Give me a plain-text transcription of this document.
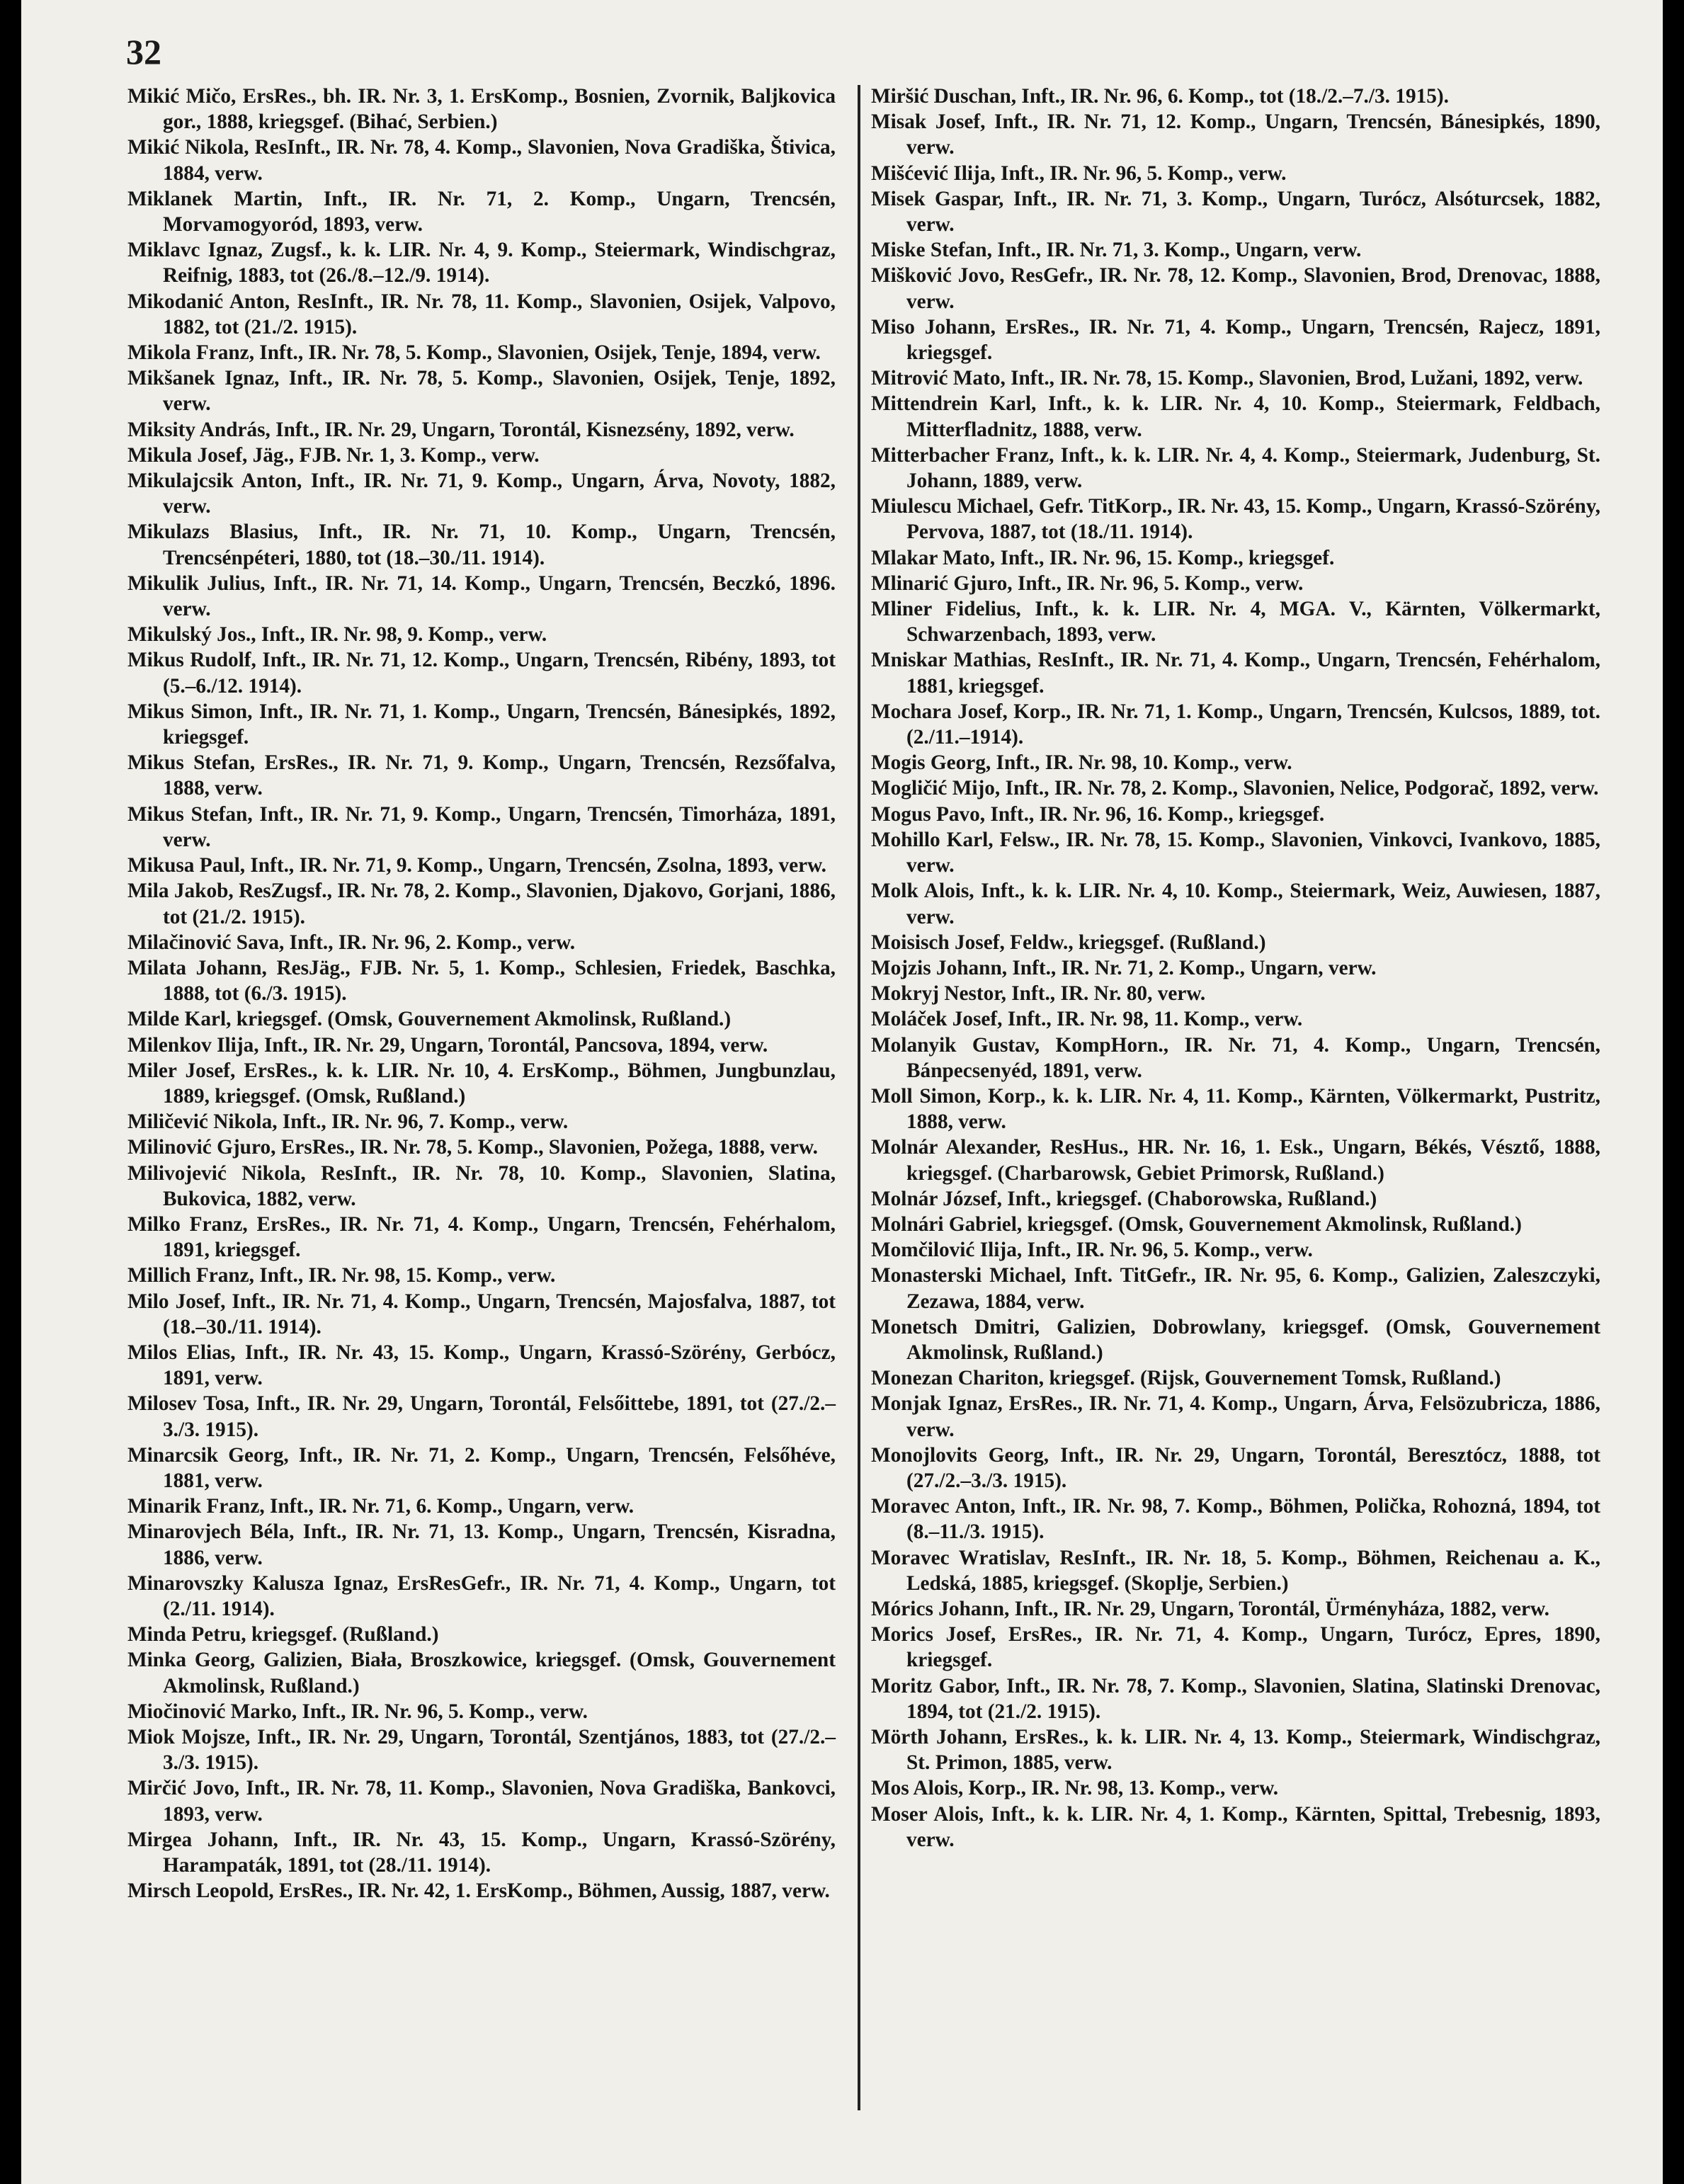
32

Mikić Mičo, ErsRes., bh. IR. Nr. 3, 1. ErsKomp., Bosnien, Zvornik, Baljkovica gor., 1888, kriegsgef. (Bihać, Serbien.)

Mikić Nikola, ResInft., IR. Nr. 78, 4. Komp., Slavonien, Nova Gradiška, Štivica, 1884, verw.

Miklanek Martin, Inft., IR. Nr. 71, 2. Komp., Ungarn, Trencsén, Morvamogyoród, 1893, verw.

Miklavc Ignaz, Zugsf., k. k. LIR. Nr. 4, 9. Komp., Steiermark, Windischgraz, Reifnig, 1883, tot (26./8.–12./9. 1914).

Mikodanić Anton, ResInft., IR. Nr. 78, 11. Komp., Slavonien, Osijek, Valpovo, 1882, tot (21./2. 1915).

Mikola Franz, Inft., IR. Nr. 78, 5. Komp., Slavonien, Osijek, Tenje, 1894, verw.

Mikšanek Ignaz, Inft., IR. Nr. 78, 5. Komp., Slavonien, Osijek, Tenje, 1892, verw.

Miksity András, Inft., IR. Nr. 29, Ungarn, Torontál, Kisnezsény, 1892, verw.

Mikula Josef, Jäg., FJB. Nr. 1, 3. Komp., verw.

Mikulajcsik Anton, Inft., IR. Nr. 71, 9. Komp., Ungarn, Árva, Novoty, 1882, verw.

Mikulazs Blasius, Inft., IR. Nr. 71, 10. Komp., Ungarn, Trencsén, Trencsénpéteri, 1880, tot (18.–30./11. 1914).

Mikulik Julius, Inft., IR. Nr. 71, 14. Komp., Ungarn, Trencsén, Beczkó, 1896. verw.

Mikulský Jos., Inft., IR. Nr. 98, 9. Komp., verw.

Mikus Rudolf, Inft., IR. Nr. 71, 12. Komp., Ungarn, Trencsén, Ribény, 1893, tot (5.–6./12. 1914).

Mikus Simon, Inft., IR. Nr. 71, 1. Komp., Ungarn, Trencsén, Bánesipkés, 1892, kriegsgef.

Mikus Stefan, ErsRes., IR. Nr. 71, 9. Komp., Ungarn, Trencsén, Rezsőfalva, 1888, verw.

Mikus Stefan, Inft., IR. Nr. 71, 9. Komp., Ungarn, Trencsén, Timorháza, 1891, verw.

Mikusa Paul, Inft., IR. Nr. 71, 9. Komp., Ungarn, Trencsén, Zsolna, 1893, verw.

Mila Jakob, ResZugsf., IR. Nr. 78, 2. Komp., Slavonien, Djakovo, Gorjani, 1886, tot (21./2. 1915).

Milačinović Sava, Inft., IR. Nr. 96, 2. Komp., verw.

Milata Johann, ResJäg., FJB. Nr. 5, 1. Komp., Schlesien, Friedek, Baschka, 1888, tot (6./3. 1915).

Milde Karl, kriegsgef. (Omsk, Gouvernement Akmolinsk, Rußland.)

Milenkov Ilija, Inft., IR. Nr. 29, Ungarn, Torontál, Pancsova, 1894, verw.

Miler Josef, ErsRes., k. k. LIR. Nr. 10, 4. ErsKomp., Böhmen, Jungbunzlau, 1889, kriegsgef. (Omsk, Rußland.)

Miličević Nikola, Inft., IR. Nr. 96, 7. Komp., verw.

Milinović Gjuro, ErsRes., IR. Nr. 78, 5. Komp., Slavonien, Požega, 1888, verw.

Milivojević Nikola, ResInft., IR. Nr. 78, 10. Komp., Slavonien, Slatina, Bukovica, 1882, verw.

Milko Franz, ErsRes., IR. Nr. 71, 4. Komp., Ungarn, Trencsén, Fehérhalom, 1891, kriegsgef.

Millich Franz, Inft., IR. Nr. 98, 15. Komp., verw.

Milo Josef, Inft., IR. Nr. 71, 4. Komp., Ungarn, Trencsén, Majosfalva, 1887, tot (18.–30./11. 1914).

Milos Elias, Inft., IR. Nr. 43, 15. Komp., Ungarn, Krassó-Szörény, Gerbócz, 1891, verw.

Milosev Tosa, Inft., IR. Nr. 29, Ungarn, Torontál, Felsőittebe, 1891, tot (27./2.–3./3. 1915).

Minarcsik Georg, Inft., IR. Nr. 71, 2. Komp., Ungarn, Trencsén, Felsőhéve, 1881, verw.

Minarik Franz, Inft., IR. Nr. 71, 6. Komp., Ungarn, verw.

Minarovjech Béla, Inft., IR. Nr. 71, 13. Komp., Ungarn, Trencsén, Kisradna, 1886, verw.

Minarovszky Kalusza Ignaz, ErsResGefr., IR. Nr. 71, 4. Komp., Ungarn, tot (2./11. 1914).

Minda Petru, kriegsgef. (Rußland.)

Minka Georg, Galizien, Biała, Broszkowice, kriegsgef. (Omsk, Gouvernement Akmolinsk, Rußland.)

Miočinović Marko, Inft., IR. Nr. 96, 5. Komp., verw.

Miok Mojsze, Inft., IR. Nr. 29, Ungarn, Torontál, Szentjános, 1883, tot (27./2.–3./3. 1915).

Mirčić Jovo, Inft., IR. Nr. 78, 11. Komp., Slavonien, Nova Gradiška, Bankovci, 1893, verw.

Mirgea Johann, Inft., IR. Nr. 43, 15. Komp., Ungarn, Krassó-Szörény, Harampaták, 1891, tot (28./11. 1914).

Mirsch Leopold, ErsRes., IR. Nr. 42, 1. ErsKomp., Böhmen, Aussig, 1887, verw.

Miršić Duschan, Inft., IR. Nr. 96, 6. Komp., tot (18./2.–7./3. 1915).

Misak Josef, Inft., IR. Nr. 71, 12. Komp., Ungarn, Trencsén, Bánesipkés, 1890, verw.

Mišćević Ilija, Inft., IR. Nr. 96, 5. Komp., verw.

Misek Gaspar, Inft., IR. Nr. 71, 3. Komp., Ungarn, Turócz, Alsóturcsek, 1882, verw.

Miske Stefan, Inft., IR. Nr. 71, 3. Komp., Ungarn, verw.

Mišković Jovo, ResGefr., IR. Nr. 78, 12. Komp., Slavonien, Brod, Drenovac, 1888, verw.

Miso Johann, ErsRes., IR. Nr. 71, 4. Komp., Ungarn, Trencsén, Rajecz, 1891, kriegsgef.

Mitrović Mato, Inft., IR. Nr. 78, 15. Komp., Slavonien, Brod, Lužani, 1892, verw.

Mittendrein Karl, Inft., k. k. LIR. Nr. 4, 10. Komp., Steiermark, Feldbach, Mitterfladnitz, 1888, verw.

Mitterbacher Franz, Inft., k. k. LIR. Nr. 4, 4. Komp., Steiermark, Judenburg, St. Johann, 1889, verw.

Miulescu Michael, Gefr. TitKorp., IR. Nr. 43, 15. Komp., Ungarn, Krassó-Szörény, Pervova, 1887, tot (18./11. 1914).

Mlakar Mato, Inft., IR. Nr. 96, 15. Komp., kriegsgef.

Mlinarić Gjuro, Inft., IR. Nr. 96, 5. Komp., verw.

Mliner Fidelius, Inft., k. k. LIR. Nr. 4, MGA. V., Kärnten, Völkermarkt, Schwarzenbach, 1893, verw.

Mniskar Mathias, ResInft., IR. Nr. 71, 4. Komp., Ungarn, Trencsén, Fehérhalom, 1881, kriegsgef.

Mochara Josef, Korp., IR. Nr. 71, 1. Komp., Ungarn, Trencsén, Kulcsos, 1889, tot. (2./11.–1914).

Mogis Georg, Inft., IR. Nr. 98, 10. Komp., verw.

Mogličić Mijo, Inft., IR. Nr. 78, 2. Komp., Slavonien, Nelice, Podgorač, 1892, verw.

Mogus Pavo, Inft., IR. Nr. 96, 16. Komp., kriegsgef.

Mohillo Karl, Felsw., IR. Nr. 78, 15. Komp., Slavonien, Vinkovci, Ivankovo, 1885, verw.

Molk Alois, Inft., k. k. LIR. Nr. 4, 10. Komp., Steiermark, Weiz, Auwiesen, 1887, verw.

Moisisch Josef, Feldw., kriegsgef. (Rußland.)

Mojzis Johann, Inft., IR. Nr. 71, 2. Komp., Ungarn, verw.

Mokryj Nestor, Inft., IR. Nr. 80, verw.

Moláček Josef, Inft., IR. Nr. 98, 11. Komp., verw.

Molanyik Gustav, KompHorn., IR. Nr. 71, 4. Komp., Ungarn, Trencsén, Bánpecsenyéd, 1891, verw.

Moll Simon, Korp., k. k. LIR. Nr. 4, 11. Komp., Kärnten, Völkermarkt, Pustritz, 1888, verw.

Molnár Alexander, ResHus., HR. Nr. 16, 1. Esk., Ungarn, Békés, Vésztő, 1888, kriegsgef. (Charbarowsk, Gebiet Primorsk, Rußland.)

Molnár József, Inft., kriegsgef. (Chaborowska, Rußland.)

Molnári Gabriel, kriegsgef. (Omsk, Gouvernement Akmolinsk, Rußland.)

Momčilović Ilija, Inft., IR. Nr. 96, 5. Komp., verw.

Monasterski Michael, Inft. TitGefr., IR. Nr. 95, 6. Komp., Galizien, Zaleszczyki, Zezawa, 1884, verw.

Monetsch Dmitri, Galizien, Dobrowlany, kriegsgef. (Omsk, Gouvernement Akmolinsk, Rußland.)

Monezan Chariton, kriegsgef. (Rijsk, Gouvernement Tomsk, Rußland.)

Monjak Ignaz, ErsRes., IR. Nr. 71, 4. Komp., Ungarn, Árva, Felsözubricza, 1886, verw.

Monojlovits Georg, Inft., IR. Nr. 29, Ungarn, Torontál, Beresztócz, 1888, tot (27./2.–3./3. 1915).

Moravec Anton, Inft., IR. Nr. 98, 7. Komp., Böhmen, Polička, Rohozná, 1894, tot (8.–11./3. 1915).

Moravec Wratislav, ResInft., IR. Nr. 18, 5. Komp., Böhmen, Reichenau a. K., Ledská, 1885, kriegsgef. (Skoplje, Serbien.)

Mórics Johann, Inft., IR. Nr. 29, Ungarn, Torontál, Ürményháza, 1882, verw.

Morics Josef, ErsRes., IR. Nr. 71, 4. Komp., Ungarn, Turócz, Epres, 1890, kriegsgef.

Moritz Gabor, Inft., IR. Nr. 78, 7. Komp., Slavonien, Slatina, Slatinski Drenovac, 1894, tot (21./2. 1915).

Mörth Johann, ErsRes., k. k. LIR. Nr. 4, 13. Komp., Steiermark, Windischgraz, St. Primon, 1885, verw.

Mos Alois, Korp., IR. Nr. 98, 13. Komp., verw.

Moser Alois, Inft., k. k. LIR. Nr. 4, 1. Komp., Kärnten, Spittal, Trebesnig, 1893, verw.
